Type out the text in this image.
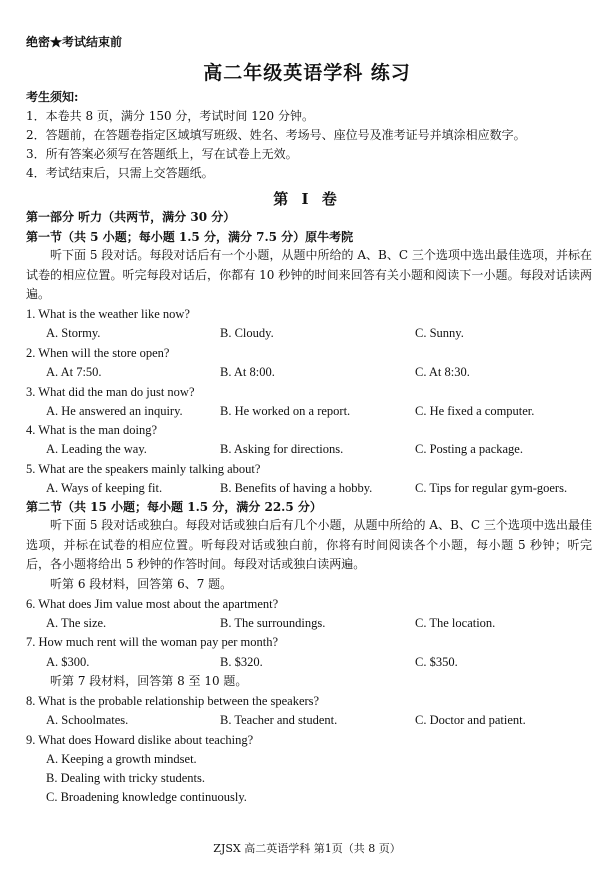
绝密★考试结束前
高二年级英语学科 练习
考生须知:
1．本卷共 8 页，满分 150 分，考试时间 120 分钟。
2．答题前，在答题卷指定区域填写班级、姓名、考场号、座位号及准考证号并填涂相应数字。
3．所有答案必须写在答题纸上，写在试卷上无效。
4．考试结束后，只需上交答题纸。
第 I 卷
第一部分 听力（共两节，满分 30 分）
第一节（共 5 小题；每小题 1.5 分，满分 7.5 分）原牛考院
听下面 5 段对话。每段对话后有一个小题，从题中所给的 A、B、C 三个选项中选出最佳选项，并标在试卷的相应位置。听完每段对话后，你都有 10 秒钟的时间来回答有关小题和阅读下一小题。每段对话读两遍。
1. What is the weather like now?
A. Stormy.	B. Cloudy.	C. Sunny.
2. When will the store open?
A. At 7:50.	B. At 8:00.	C. At 8:30.
3. What did the man do just now?
A. He answered an inquiry.	B. He worked on a report.	C. He fixed a computer.
4. What is the man doing?
A. Leading the way.	B. Asking for directions.	C. Posting a package.
5. What are the speakers mainly talking about?
A. Ways of keeping fit.	B. Benefits of having a hobby.	C. Tips for regular gym-goers.
第二节（共 15 小题；每小题 1.5 分，满分 22.5 分）
听下面 5 段对话或独白。每段对话或独白后有几个小题，从题中所给的 A、B、C 三个选项中选出最佳选项，并标在试卷的相应位置。听每段对话或独白前，你将有时间阅读各个小题，每小题 5 秒钟；听完后，各小题将给出 5 秒钟的作答时间。每段对话或独白读两遍。
听第 6 段材料，回答第 6、7 题。
6. What does Jim value most about the apartment?
A. The size.	B. The surroundings.	C. The location.
7. How much rent will the woman pay per month?
A. $300.	B. $320.	C. $350.
听第 7 段材料，回答第 8 至 10 题。
8. What is the probable relationship between the speakers?
A. Schoolmates.	B. Teacher and student.	C. Doctor and patient.
9. What does Howard dislike about teaching?
A. Keeping a growth mindset.
B. Dealing with tricky students.
C. Broadening knowledge continuously.
ZJSX 高二英语学科 第1页（共 8 页）
